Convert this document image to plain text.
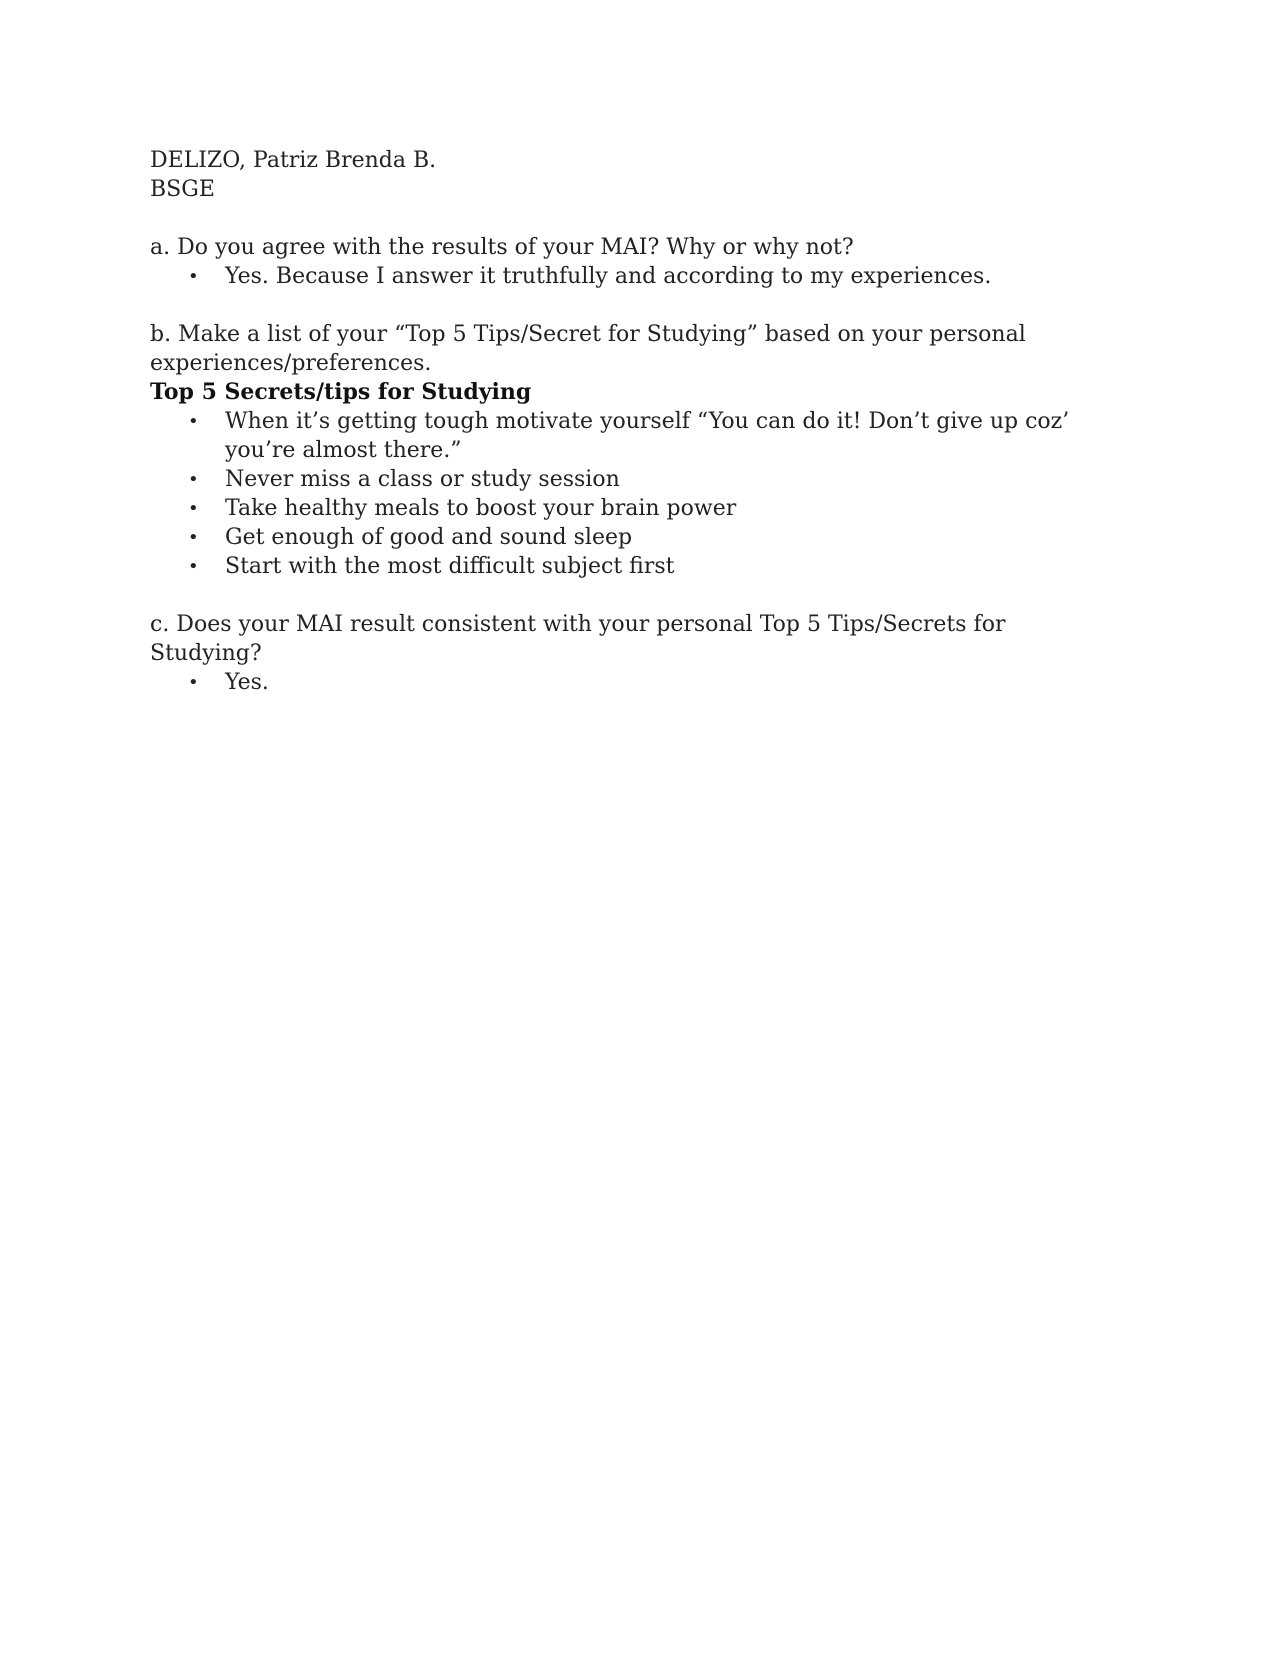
DELIZO, Patriz Brenda B.

BSGE

a. Do you agree with the results of your MAI? Why or why not?

• Yes. Because I answer it truthfully and according to my experiences.

b. Make a list of your “Top 5 Tips/Secret for Studying” based on your personal

experiences/preferences.

Top 5 Secrets/tips for Studying

• When it’s getting tough motivate yourself “You can do it! Don’t give up coz’ you’re almost there.”
• Never miss a class or study session
• Take healthy meals to boost your brain power
• Get enough of good and sound sleep
• Start with the most difficult subject first

c. Does your MAI result consistent with your personal Top 5 Tips/Secrets for

Studying?

• Yes.
